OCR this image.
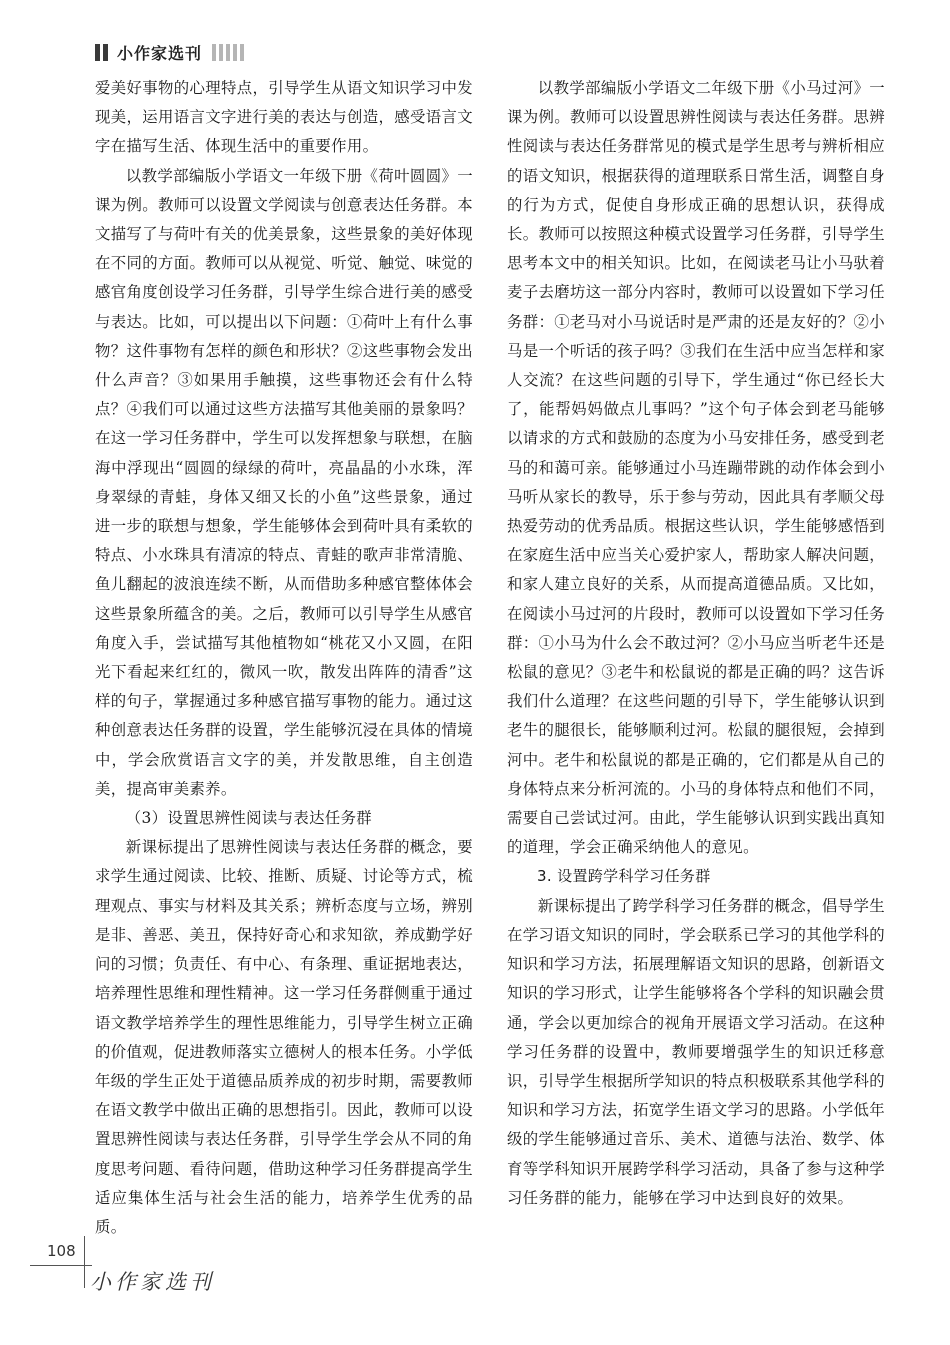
小作家选刊

爱美好事物的心理特点，引导学生从语文知识学习中发现美，运用语言文字进行美的表达与创造，感受语言文字在描写生活、体现生活中的重要作用。

以教学部编版小学语文一年级下册《荷叶圆圆》一课为例。教师可以设置文学阅读与创意表达任务群。本文描写了与荷叶有关的优美景象，这些景象的美好体现在不同的方面。教师可以从视觉、听觉、触觉、味觉的感官角度创设学习任务群，引导学生综合进行美的感受与表达。比如，可以提出以下问题：①荷叶上有什么事物？这件事物有怎样的颜色和形状？②这些事物会发出什么声音？③如果用手触摸，这些事物还会有什么特点？④我们可以通过这些方法描写其他美丽的景象吗？在这一学习任务群中，学生可以发挥想象与联想，在脑海中浮现出“圆圆的绿绿的荷叶，亮晶晶的小水珠，浑身翠绿的青蛙，身体又细又长的小鱼”这些景象，通过进一步的联想与想象，学生能够体会到荷叶具有柔软的特点、小水珠具有清凉的特点、青蛙的歌声非常清脆、鱼儿翻起的波浪连续不断，从而借助多种感官整体体会这些景象所蕴含的美。之后，教师可以引导学生从感官角度入手，尝试描写其他植物如“桃花又小又圆，在阳光下看起来红红的，微风一吹，散发出阵阵的清香”这样的句子，掌握通过多种感官描写事物的能力。通过这种创意表达任务群的设置，学生能够沉浸在具体的情境中，学会欣赏语言文字的美，并发散思维，自主创造美，提高审美素养。

（3）设置思辨性阅读与表达任务群

新课标提出了思辨性阅读与表达任务群的概念，要求学生通过阅读、比较、推断、质疑、讨论等方式，梳理观点、事实与材料及其关系；辨析态度与立场，辨别是非、善恶、美丑，保持好奇心和求知欲，养成勤学好问的习惯；负责任、有中心、有条理、重证据地表达，培养理性思维和理性精神。这一学习任务群侧重于通过语文教学培养学生的理性思维能力，引导学生树立正确的价值观，促进教师落实立德树人的根本任务。小学低年级的学生正处于道德品质养成的初步时期，需要教师在语文教学中做出正确的思想指引。因此，教师可以设置思辨性阅读与表达任务群，引导学生学会从不同的角度思考问题、看待问题，借助这种学习任务群提高学生适应集体生活与社会生活的能力，培养学生优秀的品质。

以教学部编版小学语文二年级下册《小马过河》一课为例。教师可以设置思辨性阅读与表达任务群。思辨性阅读与表达任务群常见的模式是学生思考与辨析相应的语文知识，根据获得的道理联系日常生活，调整自身的行为方式，促使自身形成正确的思想认识，获得成长。教师可以按照这种模式设置学习任务群，引导学生思考本文中的相关知识。比如，在阅读老马让小马驮着麦子去磨坊这一部分内容时，教师可以设置如下学习任务群：①老马对小马说话时是严肃的还是友好的？②小马是一个听话的孩子吗？③我们在生活中应当怎样和家人交流？在这些问题的引导下，学生通过“你已经长大了，能帮妈妈做点儿事吗？”这个句子体会到老马能够以请求的方式和鼓励的态度为小马安排任务，感受到老马的和蔼可亲。能够通过小马连蹦带跳的动作体会到小马听从家长的教导，乐于参与劳动，因此具有孝顺父母热爱劳动的优秀品质。根据这些认识，学生能够感悟到在家庭生活中应当关心爱护家人，帮助家人解决问题，和家人建立良好的关系，从而提高道德品质。又比如，在阅读小马过河的片段时，教师可以设置如下学习任务群：①小马为什么会不敢过河？②小马应当听老牛还是松鼠的意见？③老牛和松鼠说的都是正确的吗？这告诉我们什么道理？在这些问题的引导下，学生能够认识到老牛的腿很长，能够顺利过河。松鼠的腿很短，会掉到河中。老牛和松鼠说的都是正确的，它们都是从自己的身体特点来分析河流的。小马的身体特点和他们不同，需要自己尝试过河。由此，学生能够认识到实践出真知的道理，学会正确采纳他人的意见。

3. 设置跨学科学习任务群

新课标提出了跨学科学习任务群的概念，倡导学生在学习语文知识的同时，学会联系已学习的其他学科的知识和学习方法，拓展理解语文知识的思路，创新语文知识的学习形式，让学生能够将各个学科的知识融会贯通，学会以更加综合的视角开展语文学习活动。在这种学习任务群的设置中，教师要增强学生的知识迁移意识，引导学生根据所学知识的特点积极联系其他学科的知识和学习方法，拓宽学生语文学习的思路。小学低年级的学生能够通过音乐、美术、道德与法治、数学、体育等学科知识开展跨学科学习活动，具备了参与这种学习任务群的能力，能够在学习中达到良好的效果。

108
小作家选刊
